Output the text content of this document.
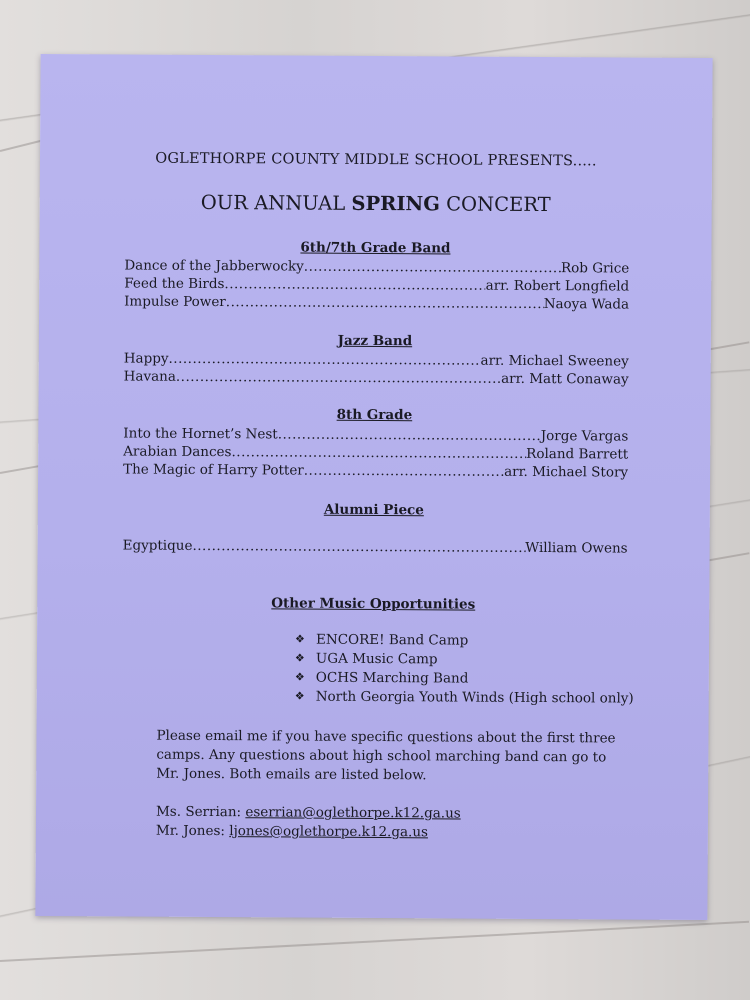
OGLETHORPE COUNTY MIDDLE SCHOOL PRESENTS.....
OUR ANNUAL SPRING CONCERT
6th/7th Grade Band
Dance of the Jabberwocky .....	Rob Grice
Feed the Birds .....	arr. Robert Longfield
Impulse Power .....	Naoya Wada
Jazz Band
Happy .....	arr. Michael Sweeney
Havana .....	arr. Matt Conaway
8th Grade
Into the Hornet’s Nest .....	Jorge Vargas
Arabian Dances .....	Roland Barrett
The Magic of Harry Potter .....	arr. Michael Story
Alumni Piece
Egyptique .....	William Owens
Other Music Opportunities
❖ ENCORE! Band Camp
❖ UGA Music Camp
❖ OCHS Marching Band
❖ North Georgia Youth Winds (High school only)
Please email me if you have specific questions about the first three camps. Any questions about high school marching band can go to Mr. Jones. Both emails are listed below.
Ms. Serrian: eserrian@oglethorpe.k12.ga.us
Mr. Jones: ljones@oglethorpe.k12.ga.us
